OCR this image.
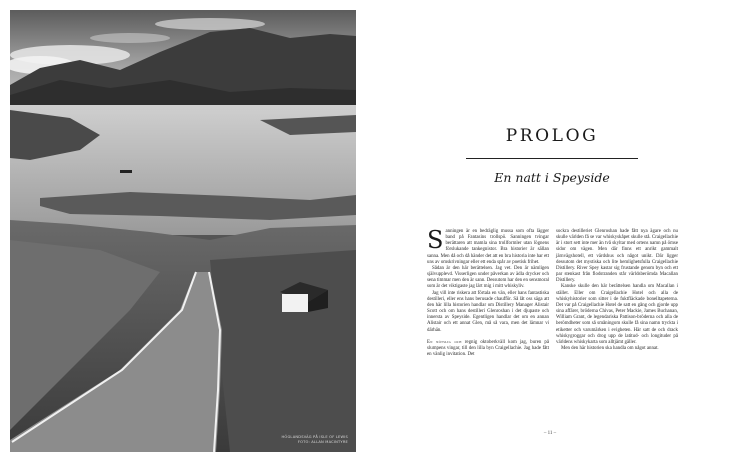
HÖGLANDSVÄG PÅ ISLE OF LEWIS
FOTO: ALLAN MACINTYRE
PROLOG
En natt i Speyside

Sanningen är en bedräglig mussa som ofta lägger band på Fantasins trollspö. Sanningen tvingar berättaren att mamla sina trollformler utan lögnens förslukande tankegnistor. Bra historier är sällan sanna. Men då och då händer det att en bra historia inte har ett uns av omskrivningar eller ett enda spår av poetisk frihet.

Sådan är den här berättelsen. Jag vet. Den är nämligen självupplevd. Visserligen under påverkan av ädla drycker och sena timmar men den är sann. Dessutom har den en sensmoral som är det viktigaste jag lärt mig i mitt whiskyliv.

Jag vill inte riskera att förtala en vän, eller hans fantastiska destilleri, eller ens hans berusade chaufför. Så låt oss säga att den här lilla historien handlar om Distillery Manager Alistair Scott och om hans destilleri Glenroshan i det djupaste och innersta av Speyside. Egentligen handlar det om en annan Alistair och ett annat Glen, må så vara, men det lämnar vi därhän.

En nötslig och regnig oktoberkväll kom jag, buren på slumpens vingar, till den lilla byn Craigellachie. Jag hade fått en vänlig invitation. Det

sockra destilleriet Glenroshan hade fått nya ägare och nu skulle världen få se var whiskyskåpet skulle stå. Craigellachie är i stort sett inte mer än två skyltar med ortens namn på ömse sidor om vägen. Men där finns ett anrikt gammalt järnvägshotell, ett värdshus och något unikt. Där ligger dessutom det mystiska och lite hemlighetsfulla Craigellachie Distillery. River Spey kastar sig frustande genom byn och ett par stenkast från flodstranden står världsberömda Macallan Distillery.

Kanske skulle den här berättelsen handla om Macallan i stället. Eller om Craigellachie Hotel och alla de whiskyhistorier som sitter i de fuktfläckade bonelltapeterna. Det var på Craigellachie Hotel de satt en gång och gjorde upp sina affärer, bröderna Chivas, Peter Mackie, James Buchanan, William Grant, de legendariska Pattison-bröderna och alla de berömdheter som så småningom skulle få sina namn tryckta i etiketter och varumärken i evigheten. Här satt de och drack whiskygroggar och drog upp de latitud- och longituder på världens whiskykarta som alltjämt gäller.

Men den här historien ska handla om något annat.

– 11 –
